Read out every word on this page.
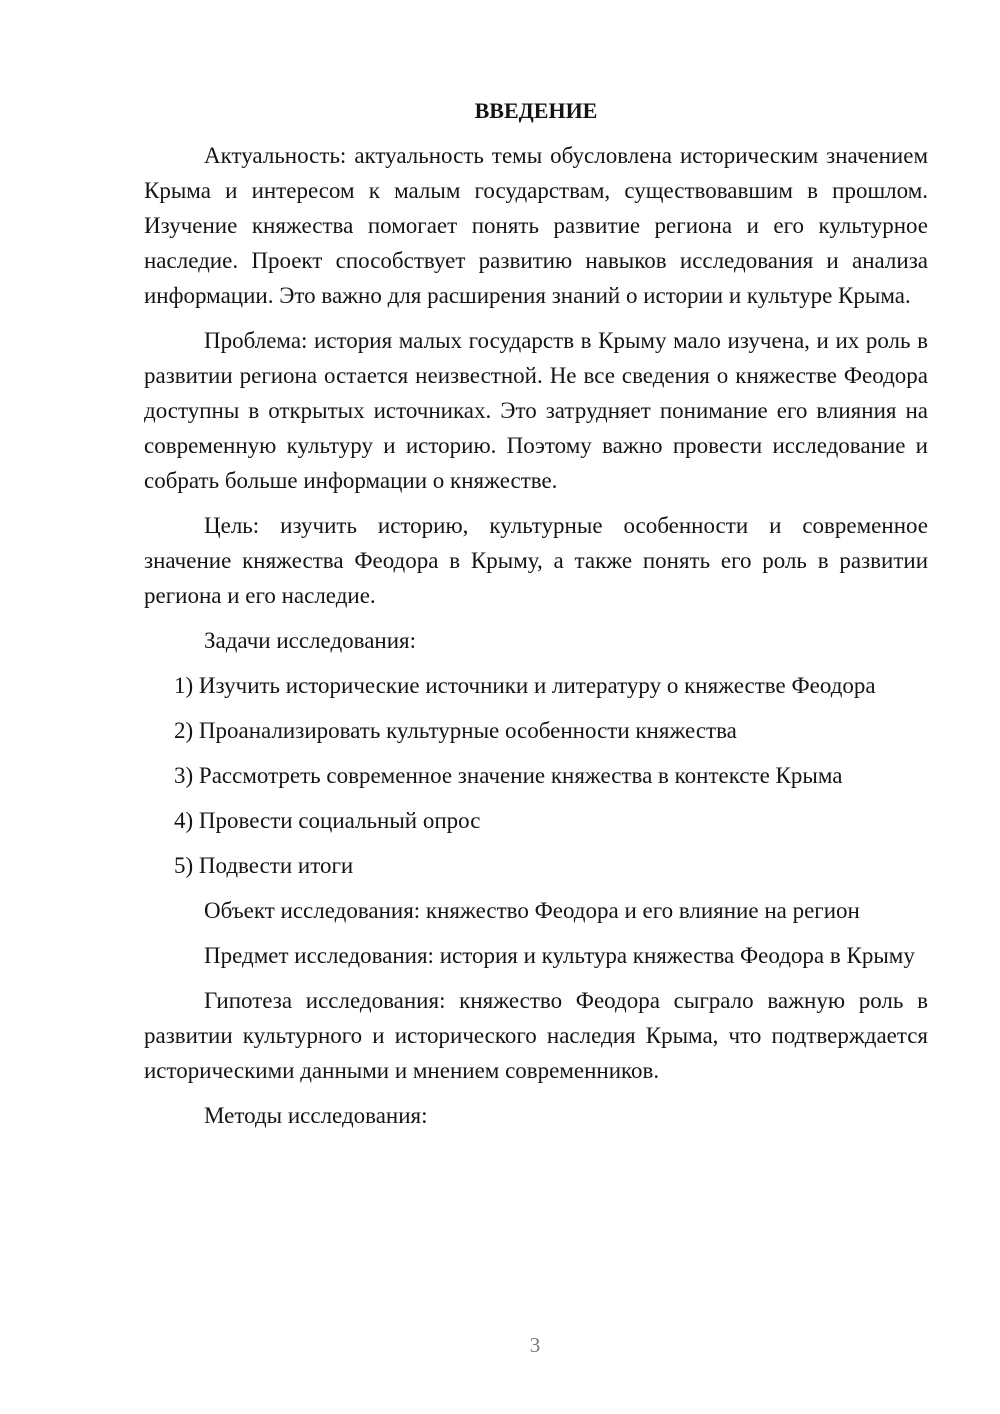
ВВЕДЕНИЕ

Актуальность: актуальность темы обусловлена историческим значением Крыма и интересом к малым государствам, существовавшим в прошлом. Изучение княжества помогает понять развитие региона и его культурное наследие. Проект способствует развитию навыков исследования и анализа информации. Это важно для расширения знаний о истории и культуре Крыма.

Проблема: история малых государств в Крыму мало изучена, и их роль в развитии региона остается неизвестной. Не все сведения о княжестве Феодора доступны в открытых источниках. Это затрудняет понимание его влияния на современную культуру и историю. Поэтому важно провести исследование и собрать больше информации о княжестве.

Цель: изучить историю, культурные особенности и современное значение княжества Феодора в Крыму, а также понять его роль в развитии региона и его наследие.

Задачи исследования:

1) Изучить исторические источники и литературу о княжестве Феодора

2) Проанализировать культурные особенности княжества

3) Рассмотреть современное значение княжества в контексте Крыма

4) Провести социальный опрос

5) Подвести итоги

Объект исследования: княжество Феодора и его влияние на регион

Предмет исследования: история и культура княжества Феодора в Крыму

Гипотеза исследования: княжество Феодора сыграло важную роль в развитии культурного и исторического наследия Крыма, что подтверждается историческими данными и мнением современников.

Методы исследования:

3
